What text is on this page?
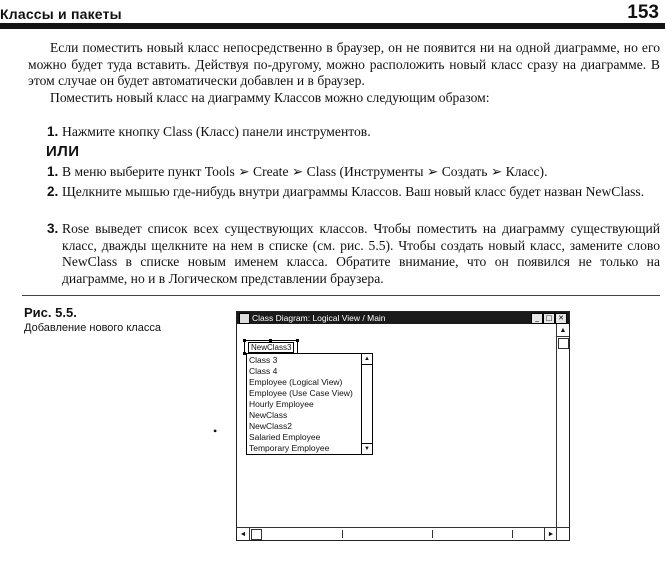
Классы и пакеты	153

Если поместить новый класс непосредственно в браузер, он не появится ни на одной диаграмме, но его можно будет туда вставить. Действуя по-другому, можно расположить новый класс сразу на диаграмме. В этом случае он будет автоматически добавлен и в браузер.

Поместить новый класс на диаграмму Классов можно следующим образом:

1. Нажмите кнопку Class (Класс) панели инструментов.
ИЛИ
1. В меню выберите пункт Tools ➢ Create ➢ Class (Инструменты ➢ Создать ➢ Класс).
2. Щелкните мышью где-нибудь внутри диаграммы Классов. Ваш новый класс будет назван NewClass.
3. Rose выведет список всех существующих классов. Чтобы поместить на диаграмму существующий класс, дважды щелкните на нем в списке (см. рис. 5.5). Чтобы создать новый класс, замените слово NewClass в списке новым именем класса. Обратите внимание, что он появился не только на диаграмме, но и в Логическом представлении браузера.
Рис. 5.5.
Добавление нового класса
•
Class Diagram: Logical View / Main	_ □ ✕
▲
◄	►
NewClass3
Class 3
Class 4
Employee (Logical View)
Employee (Use Case View)
Hourly Employee
NewClass
NewClass2
Salaried Employee
Temporary Employee
▲
▼
